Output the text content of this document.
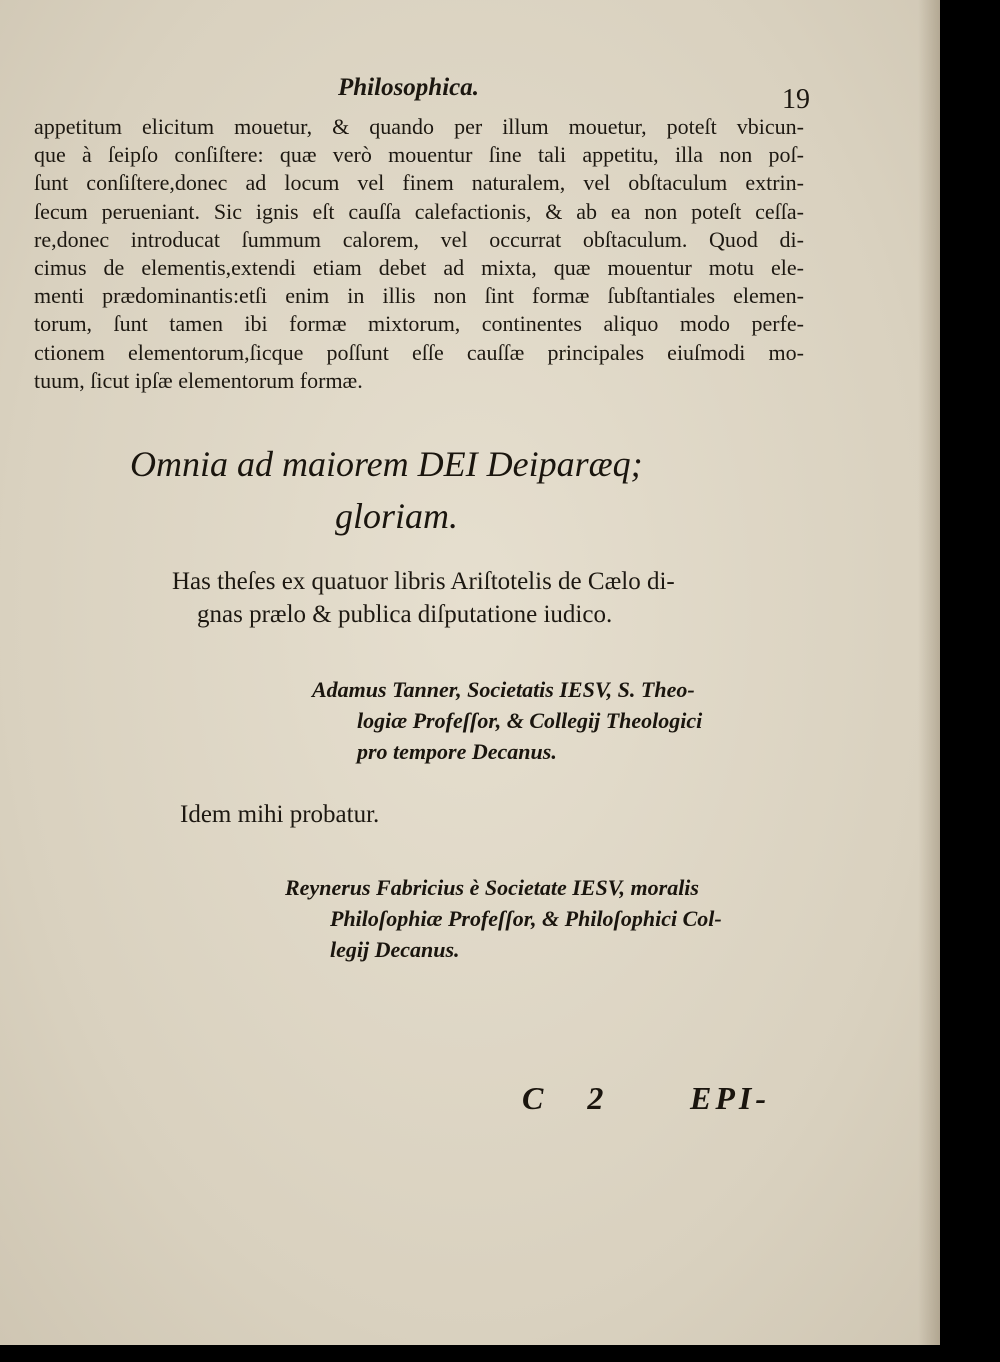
Philosophica.	19
appetitum elicitum mouetur, & quando per illum mouetur, poteſt vbicun-
que à ſeipſo conſiſtere: quæ verò mouentur ſine tali appetitu, illa non poſ-
ſunt conſiſtere,donec ad locum vel finem naturalem, vel obſtaculum extrin-
ſecum perueniant. Sic ignis eſt cauſſa calefactionis, & ab ea non poteſt ceſſa-
re,donec introducat ſummum calorem, vel occurrat obſtaculum. Quod di-
cimus de elementis,extendi etiam debet ad mixta, quæ mouentur motu ele-
menti prædominantis:etſi enim in illis non ſint formæ ſubſtantiales elemen-
torum, ſunt tamen ibi formæ mixtorum, continentes aliquo modo perfe-
ctionem elementorum,ſicque poſſunt eſſe cauſſæ principales eiuſmodi mo-
tuum, ſicut ipſæ elementorum formæ.
Omnia ad maiorem DEI Deiparæq;
gloriam.
Has theſes ex quatuor libris Ariſtotelis de Cælo di-
gnas prælo & publica diſputatione iudico.
Adamus Tanner, Societatis IESV, S. Theo-
logiæ Profeſſor, & Collegij Theologici
pro tempore Decanus.
Idem mihi probatur.
Reynerus Fabricius è Societate IESV, moralis
Philoſophiæ Profeſſor, & Philoſophici Col-
legij Decanus.
C 2 EPI-
